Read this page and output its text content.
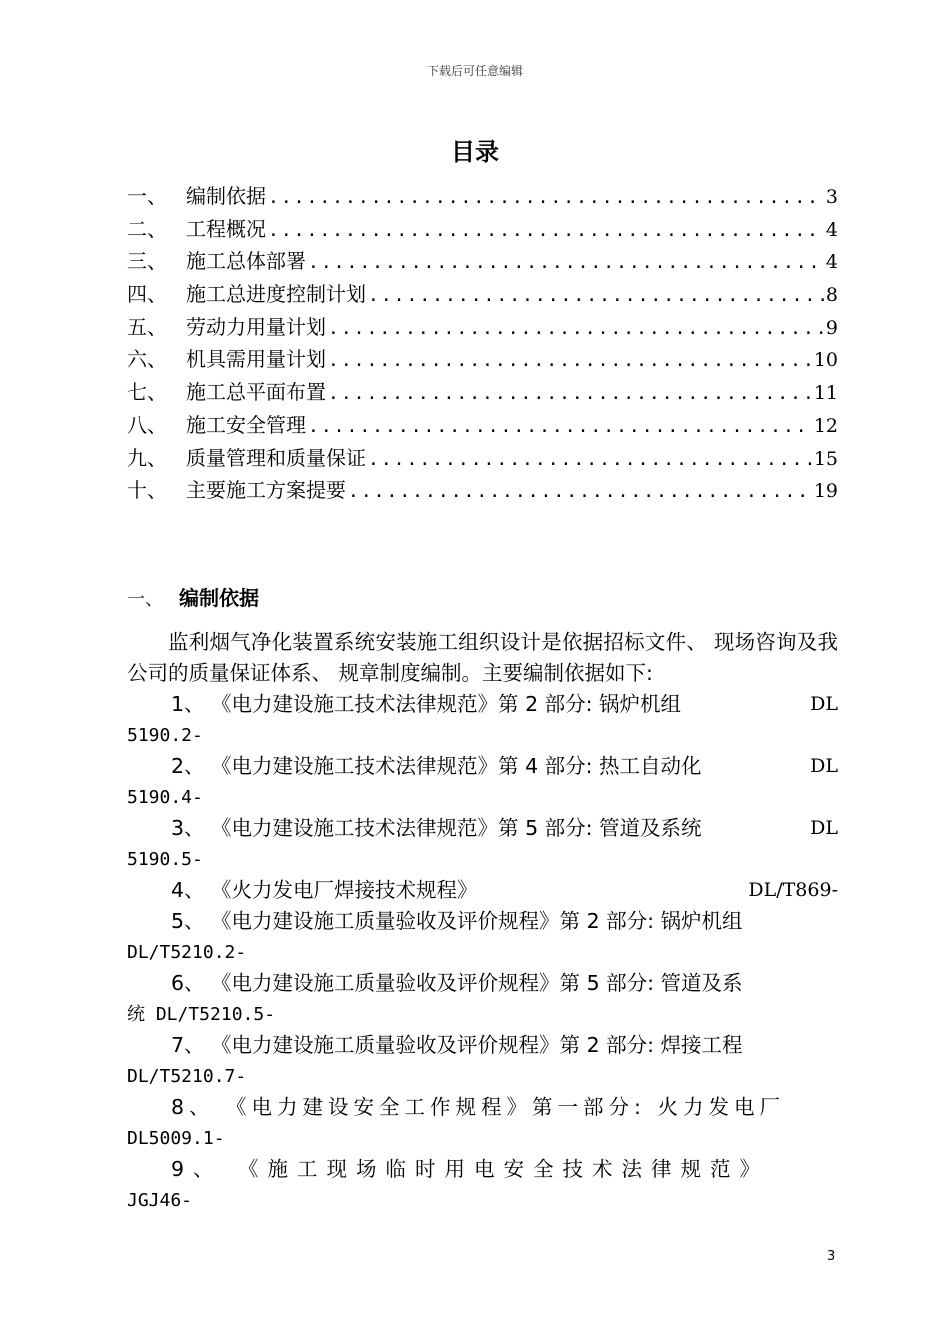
下载后可任意编辑
目录
一、 编制依据 .....	3
二、 工程概况 .....	4
三、 施工总体部署 .....	4
四、 施工总进度控制计划 .....	8
五、 劳动力用量计划 .....	9
六、 机具需用量计划 .....	10
七、 施工总平面布置 .....	11
八、 施工安全管理 .....	12
九、 质量管理和质量保证 .....	15
十、 主要施工方案提要 .....	19
一、 编制依据

监利烟气净化装置系统安装施工组织设计是依据招标文件、 现场咨询及我公司的质量保证体系、 规章制度编制。主要编制依据如下:

1、 《电力建设施工技术法律规范》第 2 部分: 锅炉机组	DL
5190.2-
2、 《电力建设施工技术法律规范》第 4 部分: 热工自动化	DL
5190.4-
3、 《电力建设施工技术法律规范》第 5 部分: 管道及系统	DL
5190.5-
4、 《火力发电厂焊接技术规程》	DL/T869-
5、 《电力建设施工质量验收及评价规程》第 2 部分: 锅炉机组
DL/T5210.2-
6、 《电力建设施工质量验收及评价规程》第 5 部分: 管道及系
统 DL/T5210.5-
7、 《电力建设施工质量验收及评价规程》第 2 部分: 焊接工程
DL/T5210.7-
8、 《电力建设安全工作规程》第一部分: 火力发电厂
DL5009.1-
9、 《施工现场临时用电安全技术法律规范》
JGJ46-
3
